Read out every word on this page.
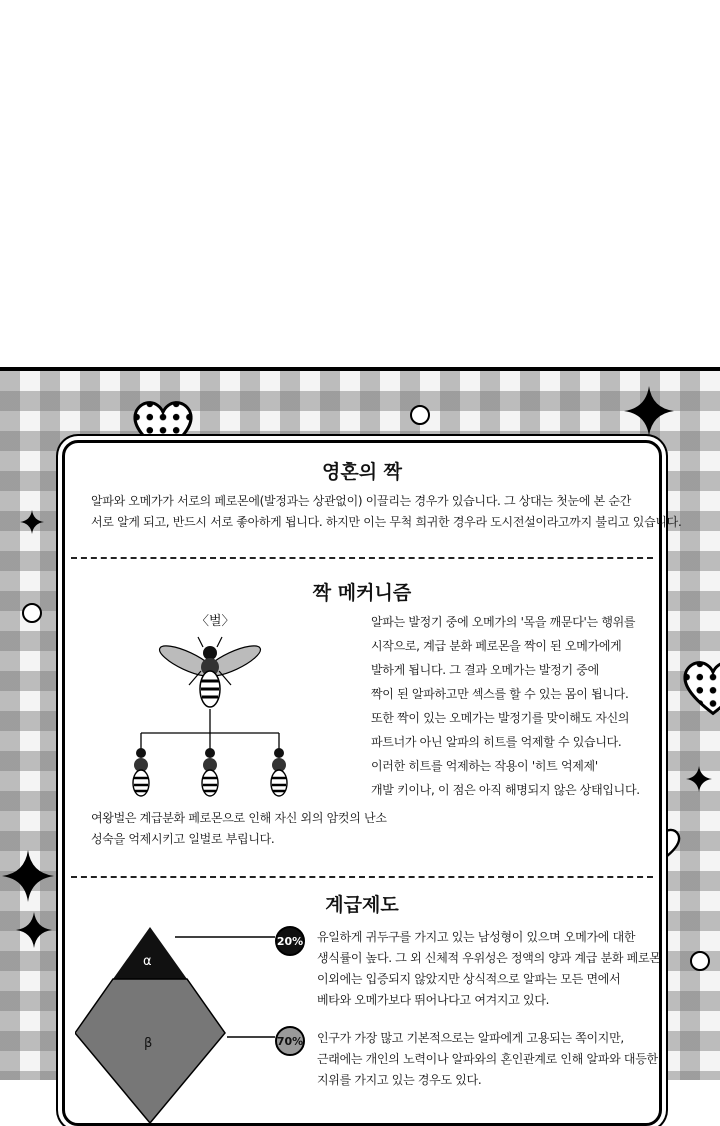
영혼의 짝
알파와 오메가가 서로의 페로몬에(발정과는 상관없이) 이끌리는 경우가 있습니다. 그 상대는 첫눈에 본 순간
서로 알게 되고, 반드시 서로 좋아하게 됩니다. 하지만 이는 무척 희귀한 경우라 도시전설이라고까지 불리고 있습니다.
짝 메커니즘
〈벌〉	알파는 발정기 중에 오메가의 '목을 깨문다'는 행위를
시작으로, 계급 분화 페로몬을 짝이 된 오메가에게
발하게 됩니다. 그 결과 오메가는 발정기 중에
짝이 된 알파하고만 섹스를 할 수 있는 몸이 됩니다.
또한 짝이 있는 오메가는 발정기를 맞이해도 자신의
파트너가 아닌 알파의 히트를 억제할 수 있습니다.
이러한 히트를 억제하는 작용이 '히트 억제제'
개발 키이나, 이 점은 아직 해명되지 않은 상태입니다.
여왕벌은 계급분화 페로몬으로 인해 자신 외의 암컷의 난소
성숙을 억제시키고 일벌로 부립니다.
계급제도
α
β
20% 유일하게 귀두구를 가지고 있는 남성형이 있으며 오메가에 대한
생식률이 높다. 그 외 신체적 우위성은 정액의 양과 계급 분화 페로몬
이외에는 입증되지 않았지만 상식적으로 알파는 모든 면에서
베타와 오메가보다 뛰어나다고 여겨지고 있다.
70% 인구가 가장 많고 기본적으로는 알파에게 고용되는 쪽이지만,
근래에는 개인의 노력이나 알파와의 혼인관계로 인해 알파와 대등한
지위를 가지고 있는 경우도 있다.
